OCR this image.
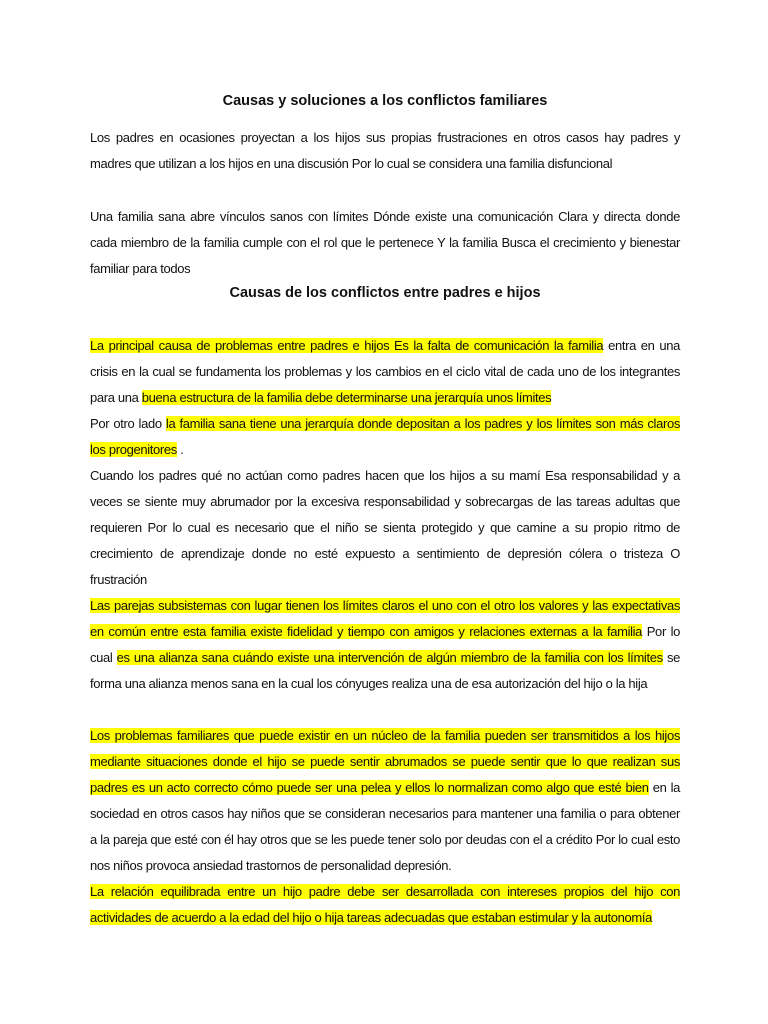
Causas y soluciones a los conflictos familiares

Los padres en ocasiones proyectan a los hijos sus propias frustraciones en otros casos hay padres y madres que utilizan a los hijos en una discusión Por lo cual se considera una familia disfuncional

Una familia sana abre vínculos sanos con límites Dónde existe una comunicación Clara y directa donde cada miembro de la familia cumple con el rol que le pertenece Y la familia Busca el crecimiento y bienestar familiar para todos

Causas de los conflictos entre padres e hijos

La principal causa de problemas entre padres e hijos Es la falta de comunicación la familia entra en una crisis en la cual se fundamenta los problemas y los cambios en el ciclo vital de cada uno de los integrantes para una buena estructura de la familia debe determinarse una jerarquía unos límites

Por otro lado la familia sana tiene una jerarquía donde depositan a los padres y los límites son más claros los progenitores .

Cuando los padres qué no actúan como padres hacen que los hijos a su mamí Esa responsabilidad y a veces se siente muy abrumador por la excesiva responsabilidad y sobrecargas de las tareas adultas que requieren Por lo cual es necesario que el niño se sienta protegido y que camine a su propio ritmo de crecimiento de aprendizaje donde no esté expuesto a sentimiento de depresión cólera o tristeza O frustración

Las parejas subsistemas con lugar tienen los límites claros el uno con el otro los valores y las expectativas en común entre esta familia existe fidelidad y tiempo con amigos y relaciones externas a la familia Por lo cual es una alianza sana cuándo existe una intervención de algún miembro de la familia con los límites se forma una alianza menos sana en la cual los cónyuges realiza una de esa autorización del hijo o la hija

Los problemas familiares que puede existir en un núcleo de la familia pueden ser transmitidos a los hijos mediante situaciones donde el hijo se puede sentir abrumados se puede sentir que lo que realizan sus padres es un acto correcto cómo puede ser una pelea y ellos lo normalizan como algo que esté bien en la sociedad en otros casos hay niños que se consideran necesarios para mantener una familia o para obtener a la pareja que esté con él hay otros que se les puede tener solo por deudas con el a crédito Por lo cual esto nos niños provoca ansiedad trastornos de personalidad depresión.

La relación equilibrada entre un hijo padre debe ser desarrollada con intereses propios del hijo con actividades de acuerdo a la edad del hijo o hija tareas adecuadas que estaban estimular y la autonomía
